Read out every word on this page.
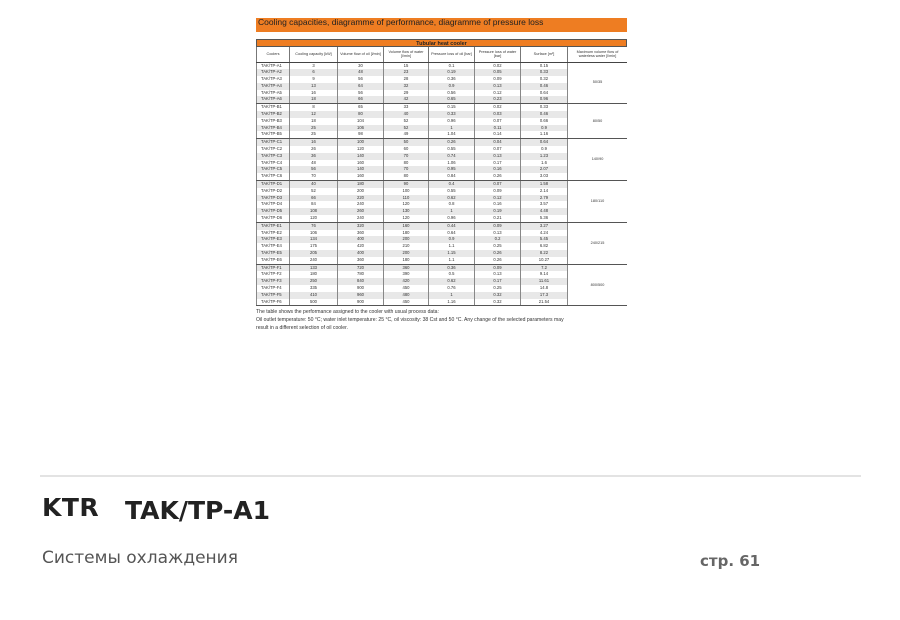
Cooling capacities, diagramme of performance, diagramme of pressure loss
Tubular heat cooler
Coolers	Cooling capacity [kW]	Volume flow of oil [l/min]	Volume flow of water [l/min]	Pressure loss of oil [bar]	Pressure loss of water [bar]	Surface [m²]	Maximum volume flow of waterless water [l/min]
TAK/TP-A1	3	30	15	0.1	0.02	0.15	50/35
TAK/TP-A2	6	48	23	0.19	0.05	0.33	
TAK/TP-A3	9	56	28	0.36	0.09	0.32	
TAK/TP-A4	13	64	32	0.9	0.13	0.46	
TAK/TP-A5	16	56	29	0.56	0.12	0.64	
TAK/TP-A6	18	66	42	0.65	0.23	0.96	
TAK/TP-B1	8	65	33	0.15	0.02	0.33	80/50
TAK/TP-B2	12	80	40	0.33	0.03	0.46	
TAK/TP-B3	18	104	52	0.96	0.07	0.66	
TAK/TP-B4	25	106	52	1	0.11	0.9	
TAK/TP-B5	25	98	49	1.04	0.14	1.16	
TAK/TP-C1	16	100	50	0.26	0.04	0.64	140/90
TAK/TP-C2	26	120	60	0.55	0.07	0.9	
TAK/TP-C3	36	140	70	0.74	0.13	1.23	
TAK/TP-C4	48	160	80	1.06	0.17	1.6	
TAK/TP-C5	56	140	70	0.95	0.16	2.07	
TAK/TP-C6	70	160	80	0.84	0.26	3.03	
TAK/TP-D1	40	180	90	0.4	0.07	1.58	180/110
TAK/TP-D2	52	200	100	0.55	0.09	2.14	
TAK/TP-D3	66	220	110	0.62	0.12	2.79	
TAK/TP-D4	84	240	120	0.8	0.16	3.57	
TAK/TP-D5	108	260	130	1	0.19	4.48	
TAK/TP-D6	120	240	120	0.96	0.21	5.36	
TAK/TP-E1	76	320	160	0.44	0.09	3.27	240/215
TAK/TP-E2	106	360	180	0.64	0.13	4.24	
TAK/TP-E3	134	400	200	0.9	0.2	5.45	
TAK/TP-E4	175	420	210	1.1	0.25	6.82	
TAK/TP-E5	205	400	200	1.15	0.26	8.22	
TAK/TP-E6	240	360	180	1.1	0.26	10.27	
TAK/TP-F1	133	720	360	0.36	0.09	7.2	800/500
TAK/TP-F2	180	780	390	0.5	0.13	9.14	
TAK/TP-F3	250	840	420	0.62	0.17	11.61	
TAK/TP-F4	335	900	450	0.76	0.25	14.8	
TAK/TP-F5	410	960	480	1	0.32	17.3	
TAK/TP-F6	500	900	450	1.16	0.32	21.54	
The table shows the performance assigned to the cooler with usual process data:
Oil outlet temperature: 50 °C; water inlet temperature: 25 °C, oil viscosity: 38 Cst and 50 °C. Any change of the selected parameters may
result in a different selection of oil cooler.
KTR TAK/TP-A1
Системы охлаждения	стр. 61
